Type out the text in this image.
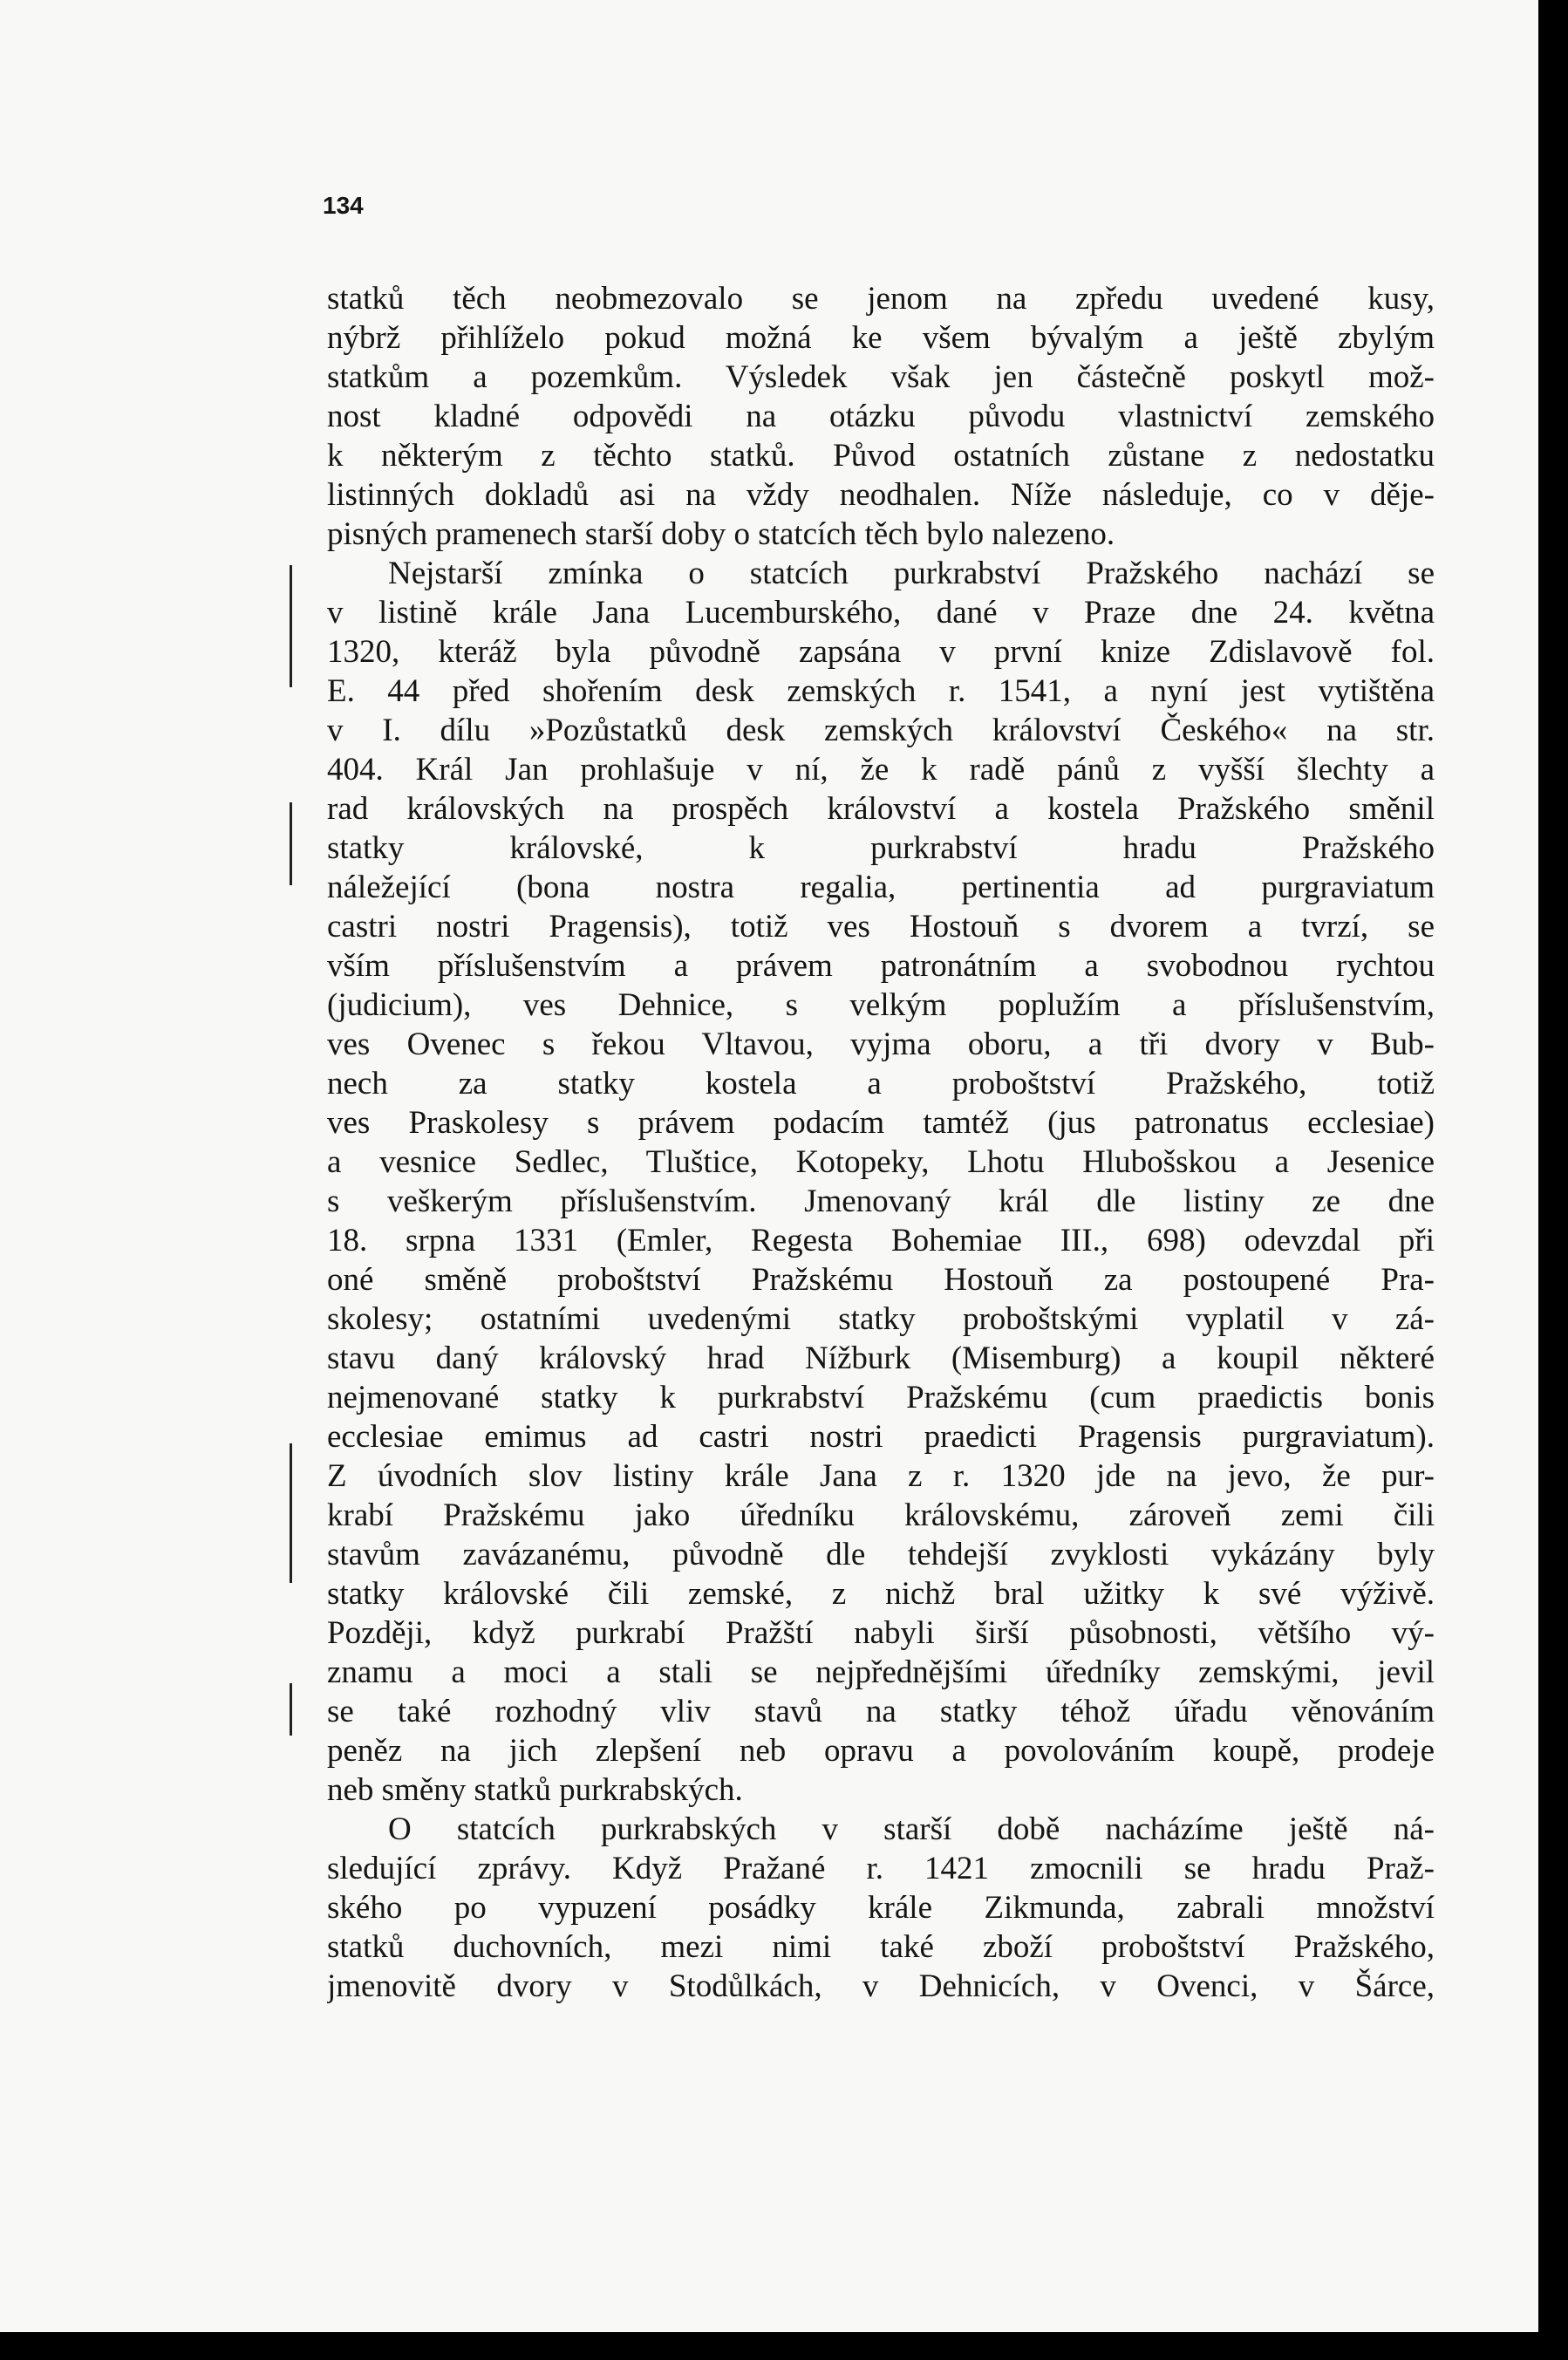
134
statků těch neobmezovalo se jenom na zpředu uvedené kusy,
nýbrž přihlíželo pokud možná ke všem bývalým a ještě zbylým
statkům a pozemkům. Výsledek však jen částečně poskytl mož-
nost kladné odpovědi na otázku původu vlastnictví zemského
k některým z těchto statků. Původ ostatních zůstane z nedostatku
listinných dokladů asi na vždy neodhalen. Níže následuje, co v děje-
pisných pramenech starší doby o statcích těch bylo nalezeno.
Nejstarší zmínka o statcích purkrabství Pražského nachází se
v listině krále Jana Lucemburského, dané v Praze dne 24. května
1320, kteráž byla původně zapsána v první knize Zdislavově fol.
E. 44 před shořením desk zemských r. 1541, a nyní jest vytištěna
v I. dílu »Pozůstatků desk zemských království Českého« na str.
404. Král Jan prohlašuje v ní, že k radě pánů z vyšší šlechty a
rad královských na prospěch království a kostela Pražského směnil
statky královské, k purkrabství hradu Pražského
náležející (bona nostra regalia, pertinentia ad purgraviatum
castri nostri Pragensis), totiž ves Hostouň s dvorem a tvrzí, se
vším příslušenstvím a právem patronátním a svobodnou rychtou
(judicium), ves Dehnice, s velkým poplužím a příslušenstvím,
ves Ovenec s řekou Vltavou, vyjma oboru, a tři dvory v Bub-
nech za statky kostela a proboštství Pražského, totiž
ves Praskolesy s právem podacím tamtéž (jus patronatus ecclesiae)
a vesnice Sedlec, Tluštice, Kotopeky, Lhotu Hlubošskou a Jesenice
s veškerým příslušenstvím. Jmenovaný král dle listiny ze dne
18. srpna 1331 (Emler, Regesta Bohemiae III., 698) odevzdal při
oné směně proboštství Pražskému Hostouň za postoupené Pra-
skolesy; ostatními uvedenými statky proboštskými vyplatil v zá-
stavu daný královský hrad Nížburk (Misemburg) a koupil některé
nejmenované statky k purkrabství Pražskému (cum praedictis bonis
ecclesiae emimus ad castri nostri praedicti Pragensis purgraviatum).
Z úvodních slov listiny krále Jana z r. 1320 jde na jevo, že pur-
krabí Pražskému jako úředníku královskému, zároveň zemi čili
stavům zavázanému, původně dle tehdejší zvyklosti vykázány byly
statky královské čili zemské, z nichž bral užitky k své výživě.
Později, když purkrabí Pražští nabyli širší působnosti, většího vý-
znamu a moci a stali se nejpřednějšími úředníky zemskými, jevil
se také rozhodný vliv stavů na statky téhož úřadu věnováním
peněz na jich zlepšení neb opravu a povolováním koupě, prodeje
neb směny statků purkrabských.
O statcích purkrabských v starší době nacházíme ještě ná-
sledující zprávy. Když Pražané r. 1421 zmocnili se hradu Praž-
ského po vypuzení posádky krále Zikmunda, zabrali množství
statků duchovních, mezi nimi také zboží proboštství Pražského,
jmenovitě dvory v Stodůlkách, v Dehnicích, v Ovenci, v Šárce,
